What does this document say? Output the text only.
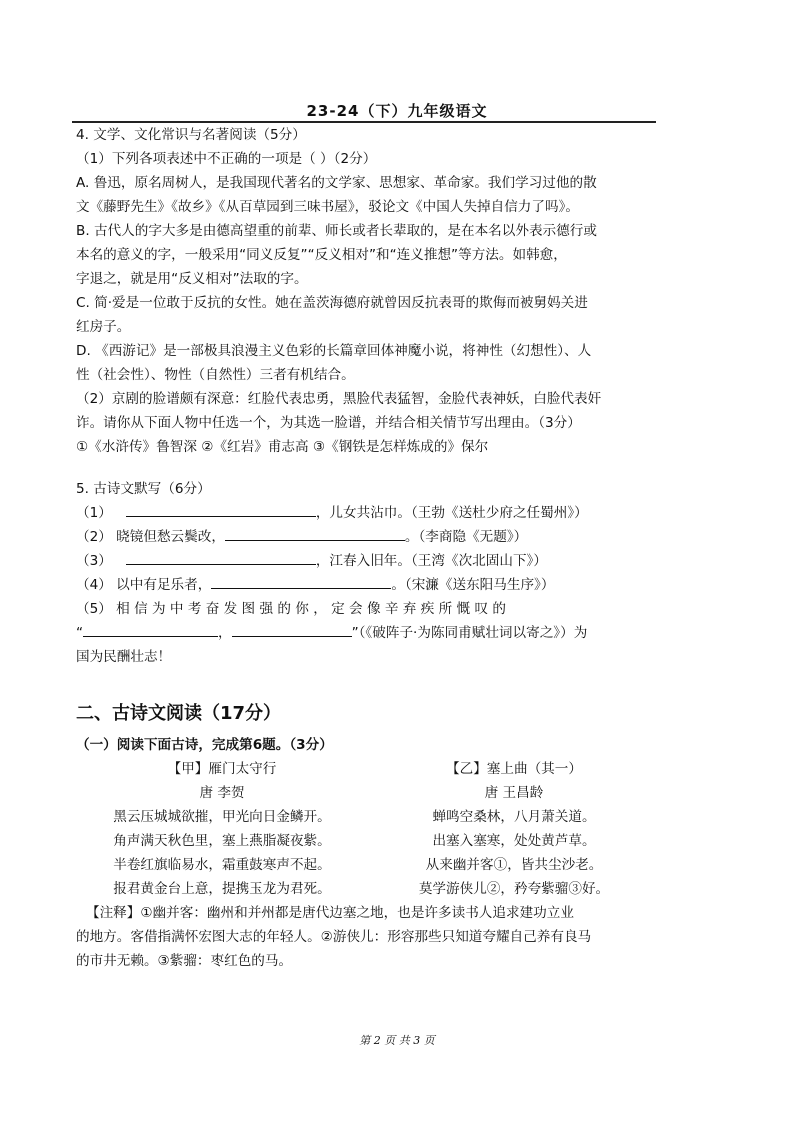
23-24（下）九年级语文

4. 文学、文化常识与名著阅读（5分）

（1）下列各项表述中不正确的一项是（ ）（2分）

A. 鲁迅，原名周树人，是我国现代著名的文学家、思想家、革命家。我们学习过他的散

文《藤野先生》《故乡》《从百草园到三味书屋》，驳论文《中国人失掉自信力了吗》。

B. 古代人的字大多是由德高望重的前辈、师长或者长辈取的，是在本名以外表示德行或

本名的意义的字，一般采用“同义反复”“反义相对”和“连义推想”等方法。如韩愈，

字退之，就是用“反义相对”法取的字。

C. 简·爱是一位敢于反抗的女性。她在盖茨海德府就曾因反抗表哥的欺侮而被舅妈关进

红房子。

D. 《西游记》是一部极具浪漫主义色彩的长篇章回体神魔小说，将神性（幻想性）、人

性（社会性）、物性（自然性）三者有机结合。

（2）京剧的脸谱颇有深意：红脸代表忠勇，黑脸代表猛智，金脸代表神妖，白脸代表奸

诈。请你从下面人物中任选一个，为其选一脸谱，并结合相关情节写出理由。（3分）

①《水浒传》鲁智深 ②《红岩》甫志高 ③《钢铁是怎样炼成的》保尔

5. 古诗文默写（6分）

（1）	，儿女共沾巾。（王勃《送杜少府之任蜀州》）

（2） 晓镜但愁云鬓改，	。（李商隐《无题》）

（3）	，江春入旧年。（王湾《次北固山下》）

（4） 以中有足乐者，	。（宋濂《送东阳马生序》）

（5） 相 信 为 中 考 奋 发 图 强 的 你 ， 定 会 像 辛 弃 疾 所 慨 叹 的

“	，	”（《破阵子·为陈同甫赋壮词以寄之》）为

国为民酬壮志！

二、古诗文阅读（17分）

（一）阅读下面古诗，完成第6题。（3分）

【甲】雁门太守行

唐 李贺

黑云压城城欲摧，甲光向日金鳞开。

角声满天秋色里，塞上燕脂凝夜紫。

半卷红旗临易水，霜重鼓寒声不起。

报君黄金台上意，提携玉龙为君死。

【乙】塞上曲（其一）

唐 王昌龄

蝉鸣空桑林，八月萧关道。

出塞入塞寒，处处黄芦草。

从来幽并客①，皆共尘沙老。

莫学游侠儿②，矜夸紫骝③好。

【注释】①幽并客：幽州和并州都是唐代边塞之地，也是许多读书人追求建功立业

的地方。客借指满怀宏图大志的年轻人。②游侠儿：形容那些只知道夸耀自己养有良马

的市井无赖。③紫骝：枣红色的马。

第 2 页 共 3 页
